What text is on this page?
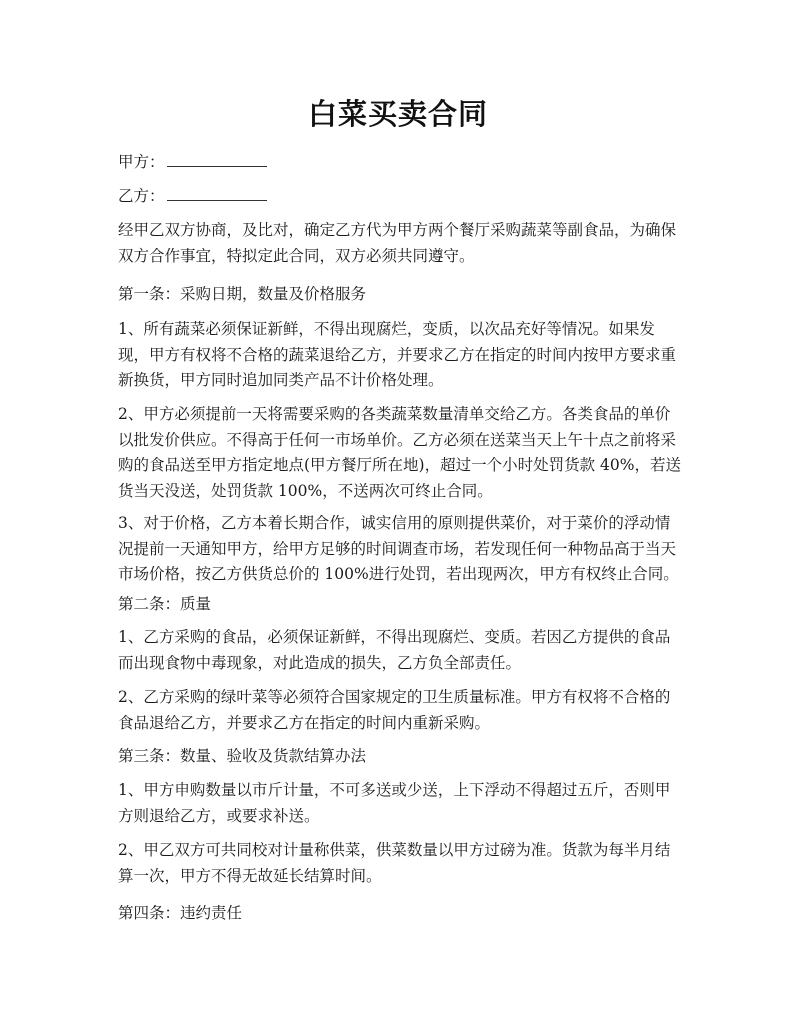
白菜买卖合同
甲方：
乙方：
经甲乙双方协商，及比对，确定乙方代为甲方两个餐厅采购蔬菜等副食品，为确保
双方合作事宜，特拟定此合同，双方必须共同遵守。
第一条：采购日期，数量及价格服务
1、所有蔬菜必须保证新鲜，不得出现腐烂，变质，以次品充好等情况。如果发
现，甲方有权将不合格的蔬菜退给乙方，并要求乙方在指定的时间内按甲方要求重
新换货，甲方同时追加同类产品不计价格处理。
2、甲方必须提前一天将需要采购的各类蔬菜数量清单交给乙方。各类食品的单价
以批发价供应。不得高于任何一市场单价。乙方必须在送菜当天上午十点之前将采
购的食品送至甲方指定地点(甲方餐厅所在地)，超过一个小时处罚货款 40%，若送
货当天没送，处罚货款 100%，不送两次可终止合同。
3、对于价格，乙方本着长期合作，诚实信用的原则提供菜价，对于菜价的浮动情
况提前一天通知甲方，给甲方足够的时间调查市场，若发现任何一种物品高于当天
市场价格，按乙方供货总价的 100%进行处罚，若出现两次，甲方有权终止合同。
第二条：质量
1、乙方采购的食品，必须保证新鲜，不得出现腐烂、变质。若因乙方提供的食品
而出现食物中毒现象，对此造成的损失，乙方负全部责任。
2、乙方采购的绿叶菜等必须符合国家规定的卫生质量标准。甲方有权将不合格的
食品退给乙方，并要求乙方在指定的时间内重新采购。
第三条：数量、验收及货款结算办法
1、甲方申购数量以市斤计量，不可多送或少送，上下浮动不得超过五斤，否则甲
方则退给乙方，或要求补送。
2、甲乙双方可共同校对计量称供菜，供菜数量以甲方过磅为准。货款为每半月结
算一次，甲方不得无故延长结算时间。
第四条：违约责任
